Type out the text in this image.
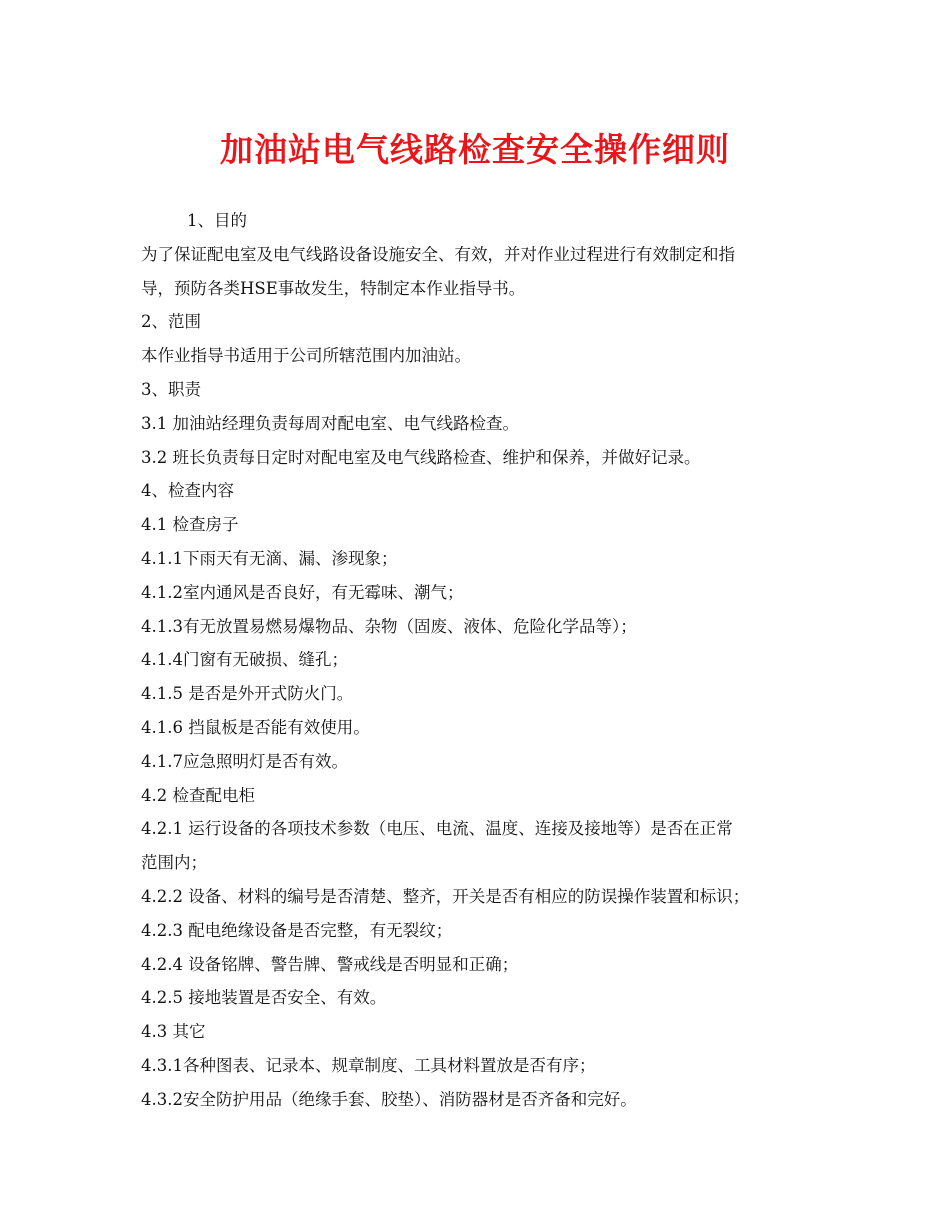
加油站电气线路检查安全操作细则
1、目的
为了保证配电室及电气线路设备设施安全、有效，并对作业过程进行有效制定和指
导，预防各类HSE事故发生，特制定本作业指导书。
2、范围
本作业指导书适用于公司所辖范围内加油站。
3、职责
3.1 加油站经理负责每周对配电室、电气线路检查。
3.2 班长负责每日定时对配电室及电气线路检查、维护和保养，并做好记录。
4、检查内容
4.1 检查房子
4.1.1下雨天有无滴、漏、渗现象；
4.1.2室内通风是否良好，有无霉味、潮气；
4.1.3有无放置易燃易爆物品、杂物（固废、液体、危险化学品等）；
4.1.4门窗有无破损、缝孔；
4.1.5 是否是外开式防火门。
4.1.6 挡鼠板是否能有效使用。
4.1.7应急照明灯是否有效。
4.2 检查配电柜
4.2.1 运行设备的各项技术参数（电压、电流、温度、连接及接地等）是否在正常
范围内；
4.2.2 设备、材料的编号是否清楚、整齐，开关是否有相应的防误操作装置和标识；
4.2.3 配电绝缘设备是否完整，有无裂纹；
4.2.4 设备铭牌、警告牌、警戒线是否明显和正确；
4.2.5 接地装置是否安全、有效。
4.3 其它
4.3.1各种图表、记录本、规章制度、工具材料置放是否有序；
4.3.2安全防护用品（绝缘手套、胶垫）、消防器材是否齐备和完好。
